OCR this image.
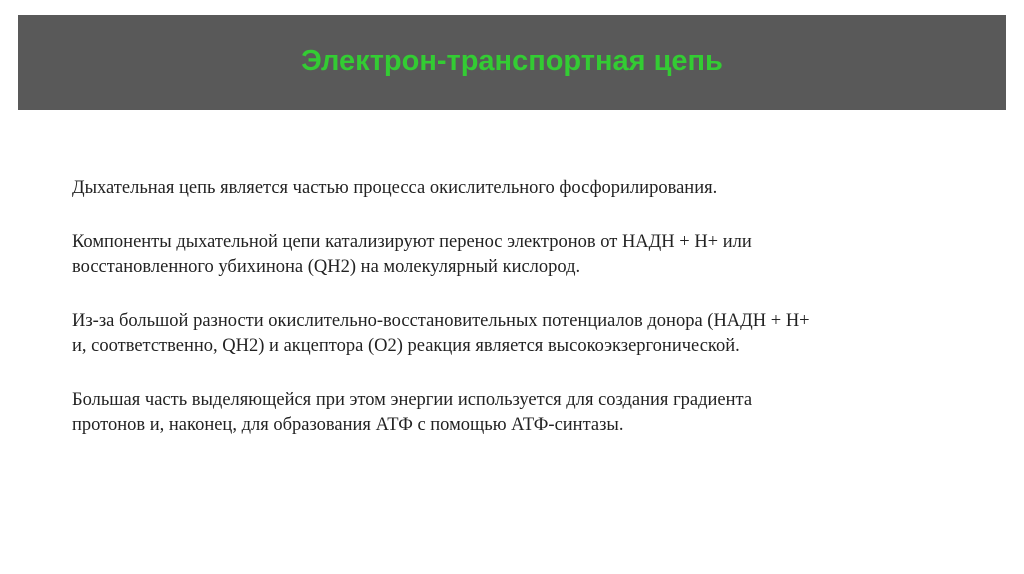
Электрон-транспортная цепь

Дыхательная цепь является частью процесса окислительного фосфорилирования.

Компоненты дыхательной цепи катализируют перенос электронов от НАДН + Н+ или
восстановленного убихинона (QН2) на молекулярный кислород.

Из-за большой разности окислительно-восстановительных потенциалов донора (НАДН + Н+
и, соответственно, QН2) и акцептора (О2) реакция является высокоэкзергонической.

Большая часть выделяющейся при этом энергии используется для создания градиента
протонов и, наконец, для образования АТФ с помощью АТФ-синтазы.
